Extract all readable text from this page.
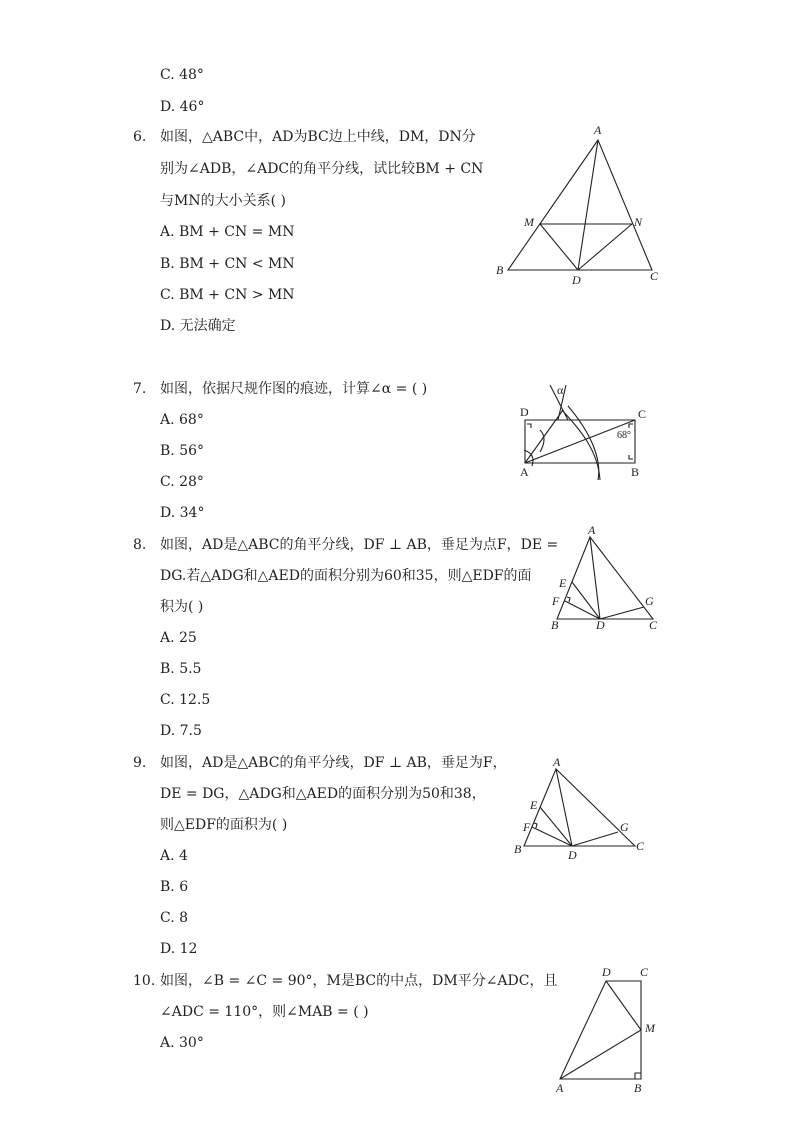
C. 48°
D. 46°
6. 如图，△ABC中，AD为BC边上中线，DM，DN分
别为∠ADB，∠ADC的角平分线，试比较BM + CN
与MN的大小关系( )
A. BM + CN = MN
B. BM + CN < MN
C. BM + CN > MN
D. 无法确定
A
B	C
D
M	N
7. 如图，依据尺规作图的痕迹，计算∠α = ( )
A. 68°
B. 56°
C. 28°
D. 34°
α
D	C
A	B
68°
8. 如图，AD是△ABC的角平分线，DF ⊥ AB，垂足为点F，DE =
DG.若△ADG和△AED的面积分别为60和35，则△EDF的面
积为( )
A. 25
B. 5.5
C. 12.5
D. 7.5
A
B	C
D
E
F	G
9. 如图，AD是△ABC的角平分线，DF ⊥ AB，垂足为F，
DE = DG，△ADG和△AED的面积分别为50和38，
则△EDF的面积为( )
A. 4
B. 6
C. 8
D. 12
A
B	C
D
E
F	G
10. 如图，∠B = ∠C = 90°，M是BC的中点，DM平分∠ADC，且
∠ADC = 110°，则∠MAB = ( )
A. 30°
D C
M
A	B
